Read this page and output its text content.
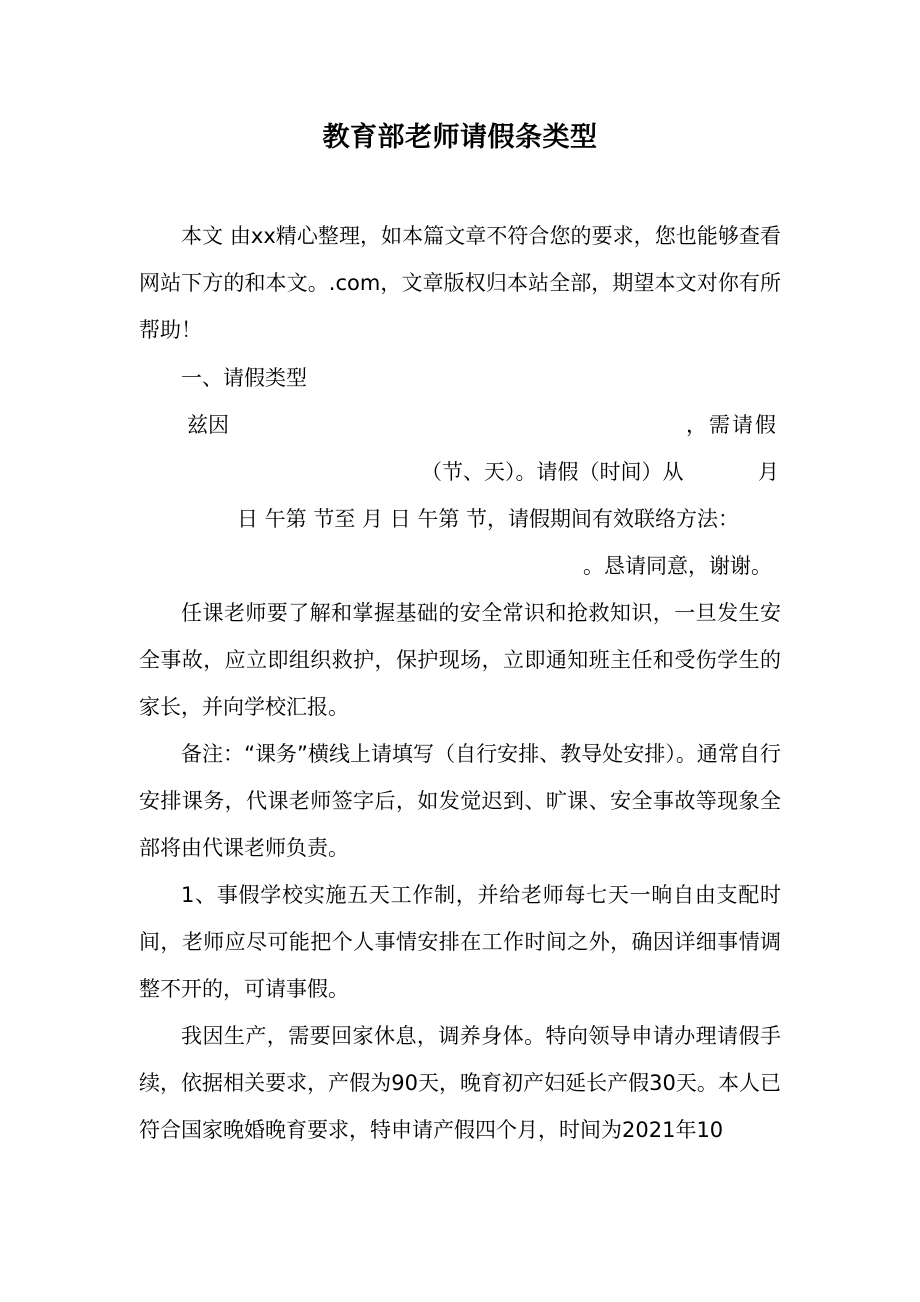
教育部老师请假条类型

本文 由xx精心整理，如本篇文章不符合您的要求，您也能够查看网站下方的和本文。.com，文章版权归本站全部，期望本文对你有所帮助！

一、请假类型
兹因	，需请假
（节、天）。请假（时间）从	月
日 午第 节至 月 日 午第 节，请假期间有效联络方法：
。恳请同意，谢谢。

任课老师要了解和掌握基础的安全常识和抢救知识，一旦发生安全事故，应立即组织救护，保护现场，立即通知班主任和受伤学生的家长，并向学校汇报。

备注：“课务”横线上请填写（自行安排、教导处安排）。通常自行安排课务，代课老师签字后，如发觉迟到、旷课、安全事故等现象全部将由代课老师负责。

1、事假学校实施五天工作制，并给老师每七天一晌自由支配时间，老师应尽可能把个人事情安排在工作时间之外，确因详细事情调整不开的，可请事假。

我因生产，需要回家休息，调养身体。特向领导申请办理请假手续，依据相关要求，产假为90天，晚育初产妇延长产假30天。本人已符合国家晚婚晚育要求，特申请产假四个月，时间为2021年10
